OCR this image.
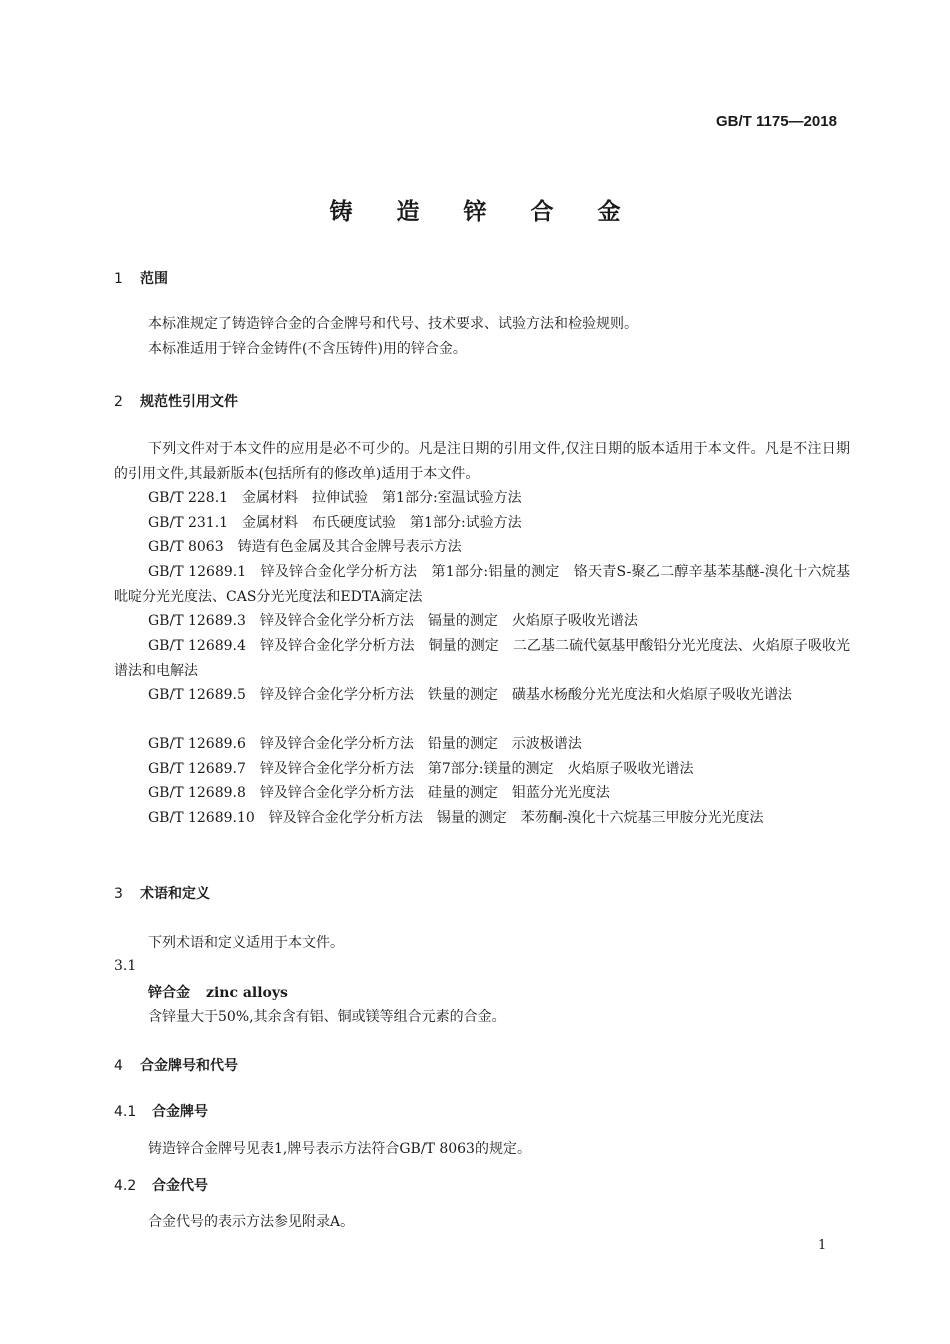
GB/T 1175—2018
铸 造 锌 合 金
1 范围
本标准规定了铸造锌合金的合金牌号和代号、技术要求、试验方法和检验规则。
本标准适用于锌合金铸件(不含压铸件)用的锌合金。
2 规范性引用文件
下列文件对于本文件的应用是必不可少的。凡是注日期的引用文件,仅注日期的版本适用于本文件。凡是不注日期的引用文件,其最新版本(包括所有的修改单)适用于本文件。
GB/T 228.1　金属材料　拉伸试验　第1部分:室温试验方法
GB/T 231.1　金属材料　布氏硬度试验　第1部分:试验方法
GB/T 8063　铸造有色金属及其合金牌号表示方法
GB/T 12689.1　锌及锌合金化学分析方法　第1部分:铝量的测定　铬天青S-聚乙二醇辛基苯基醚-溴化十六烷基吡啶分光光度法、CAS分光光度法和EDTA滴定法
GB/T 12689.3　锌及锌合金化学分析方法　镉量的测定　火焰原子吸收光谱法
GB/T 12689.4　锌及锌合金化学分析方法　铜量的测定　二乙基二硫代氨基甲酸铅分光光度法、火焰原子吸收光谱法和电解法
GB/T 12689.5　锌及锌合金化学分析方法　铁量的测定　磺基水杨酸分光光度法和火焰原子吸收光谱法
GB/T 12689.6　锌及锌合金化学分析方法　铅量的测定　示波极谱法
GB/T 12689.7　锌及锌合金化学分析方法　第7部分:镁量的测定　火焰原子吸收光谱法
GB/T 12689.8　锌及锌合金化学分析方法　硅量的测定　钼蓝分光光度法
GB/T 12689.10　锌及锌合金化学分析方法　锡量的测定　苯芴酮-溴化十六烷基三甲胺分光光度法
3 术语和定义
下列术语和定义适用于本文件。
3.1
锌合金 zinc alloys
含锌量大于50%,其余含有铝、铜或镁等组合元素的合金。
4 合金牌号和代号
4.1 合金牌号
铸造锌合金牌号见表1,牌号表示方法符合GB/T 8063的规定。
4.2 合金代号
合金代号的表示方法参见附录A。
1
